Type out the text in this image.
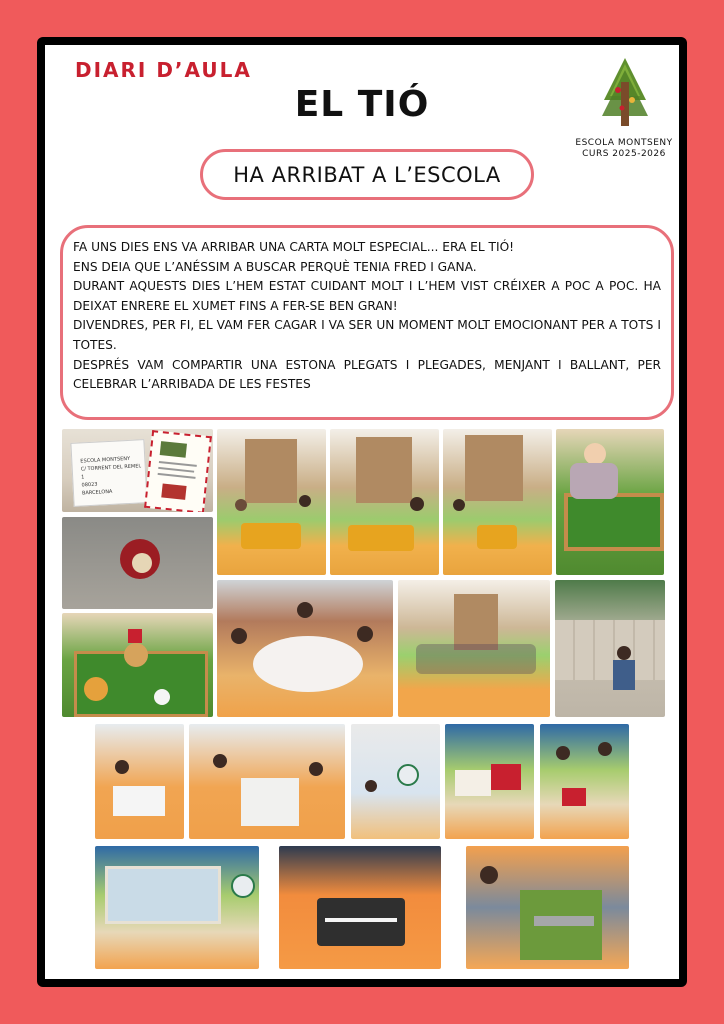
DIARI D’AULA
EL TIÓ
ESCOLA MONTSENY
CURS 2025-2026
HA ARRIBAT A L’ESCOLA

FA UNS DIES ENS VA ARRIBAR UNA CARTA MOLT ESPECIAL... ERA EL TIÓ!

ENS DEIA QUE L’ANÉSSIM A BUSCAR PERQUÈ TENIA FRED I GANA.

DURANT AQUESTS DIES L’HEM ESTAT CUIDANT MOLT I L’HEM VIST CRÉIXER A POC A POC. HA DEIXAT ENRERE EL XUMET FINS A FER-SE BEN GRAN!

DIVENDRES, PER FI, EL VAM FER CAGAR I VA SER UN MOMENT MOLT EMOCIONANT PER A TOTS I TOTES.

DESPRÉS VAM COMPARTIR UNA ESTONA PLEGATS I PLEGADES, MENJANT I BALLANT, PER CELEBRAR L’ARRIBADA DE LES FESTES

ESCOLA MONTSENY
C/ TORRENT DEL REMEI, 1
08023
BARCELONA
